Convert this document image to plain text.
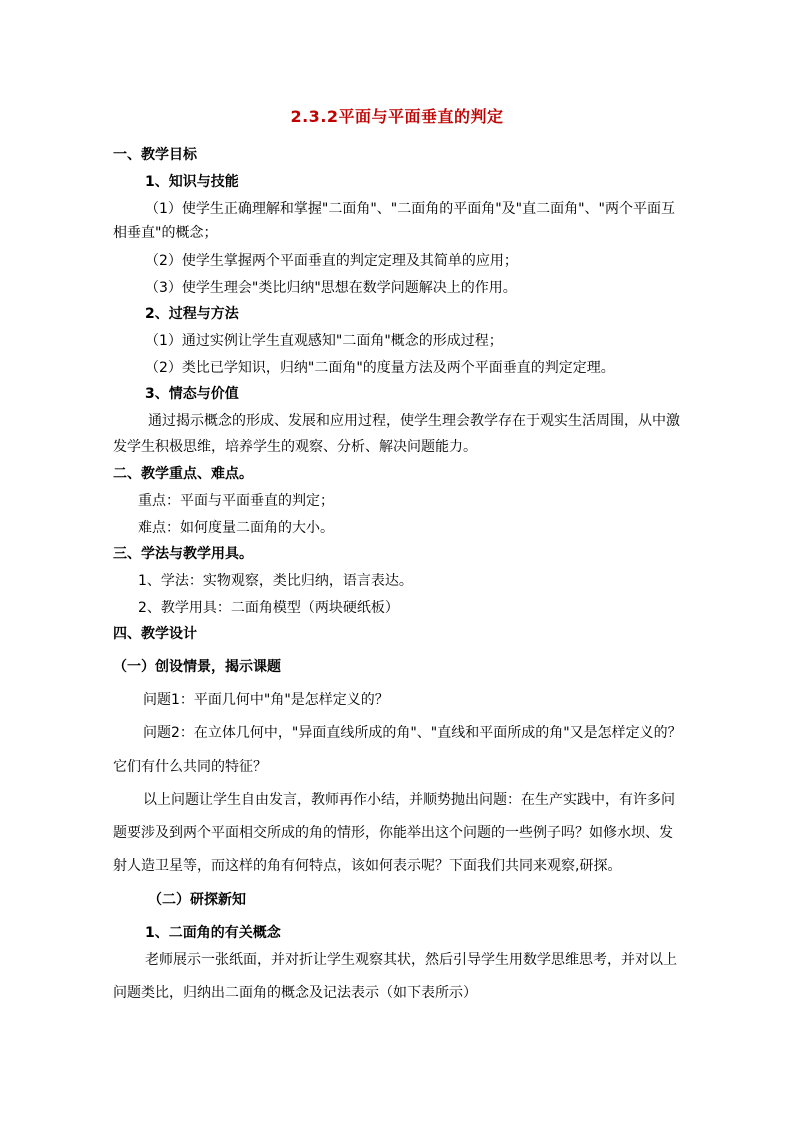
2.3.2平面与平面垂直的判定
一、教学目标
1、知识与技能
（1）使学生正确理解和掌握"二面角"、"二面角的平面角"及"直二面角"、"两个平面互
相垂直"的概念；
（2）使学生掌握两个平面垂直的判定定理及其简单的应用；
（3）使学生理会"类比归纳"思想在数学问题解决上的作用。
2、过程与方法
（1）通过实例让学生直观感知"二面角"概念的形成过程；
（2）类比已学知识，归纳"二面角"的度量方法及两个平面垂直的判定定理。
3、情态与价值
通过揭示概念的形成、发展和应用过程，使学生理会教学存在于观实生活周围，从中激
发学生积极思维，培养学生的观察、分析、解决问题能力。
二、教学重点、难点。
重点：平面与平面垂直的判定；
难点：如何度量二面角的大小。
三、学法与教学用具。
1、学法：实物观察，类比归纳，语言表达。
2、教学用具：二面角模型（两块硬纸板）
四、教学设计
（一）创设情景，揭示课题
问题1：平面几何中"角"是怎样定义的？
问题2：在立体几何中，"异面直线所成的角"、"直线和平面所成的角"又是怎样定义的？
它们有什么共同的特征？
以上问题让学生自由发言，教师再作小结，并顺势抛出问题：在生产实践中，有许多问
题要涉及到两个平面相交所成的角的情形，你能举出这个问题的一些例子吗？如修水坝、发
射人造卫星等，而这样的角有何特点，该如何表示呢？下面我们共同来观察,研探。
（二）研探新知
1、二面角的有关概念
老师展示一张纸面，并对折让学生观察其状，然后引导学生用数学思维思考，并对以上
问题类比，归纳出二面角的概念及记法表示（如下表所示）
